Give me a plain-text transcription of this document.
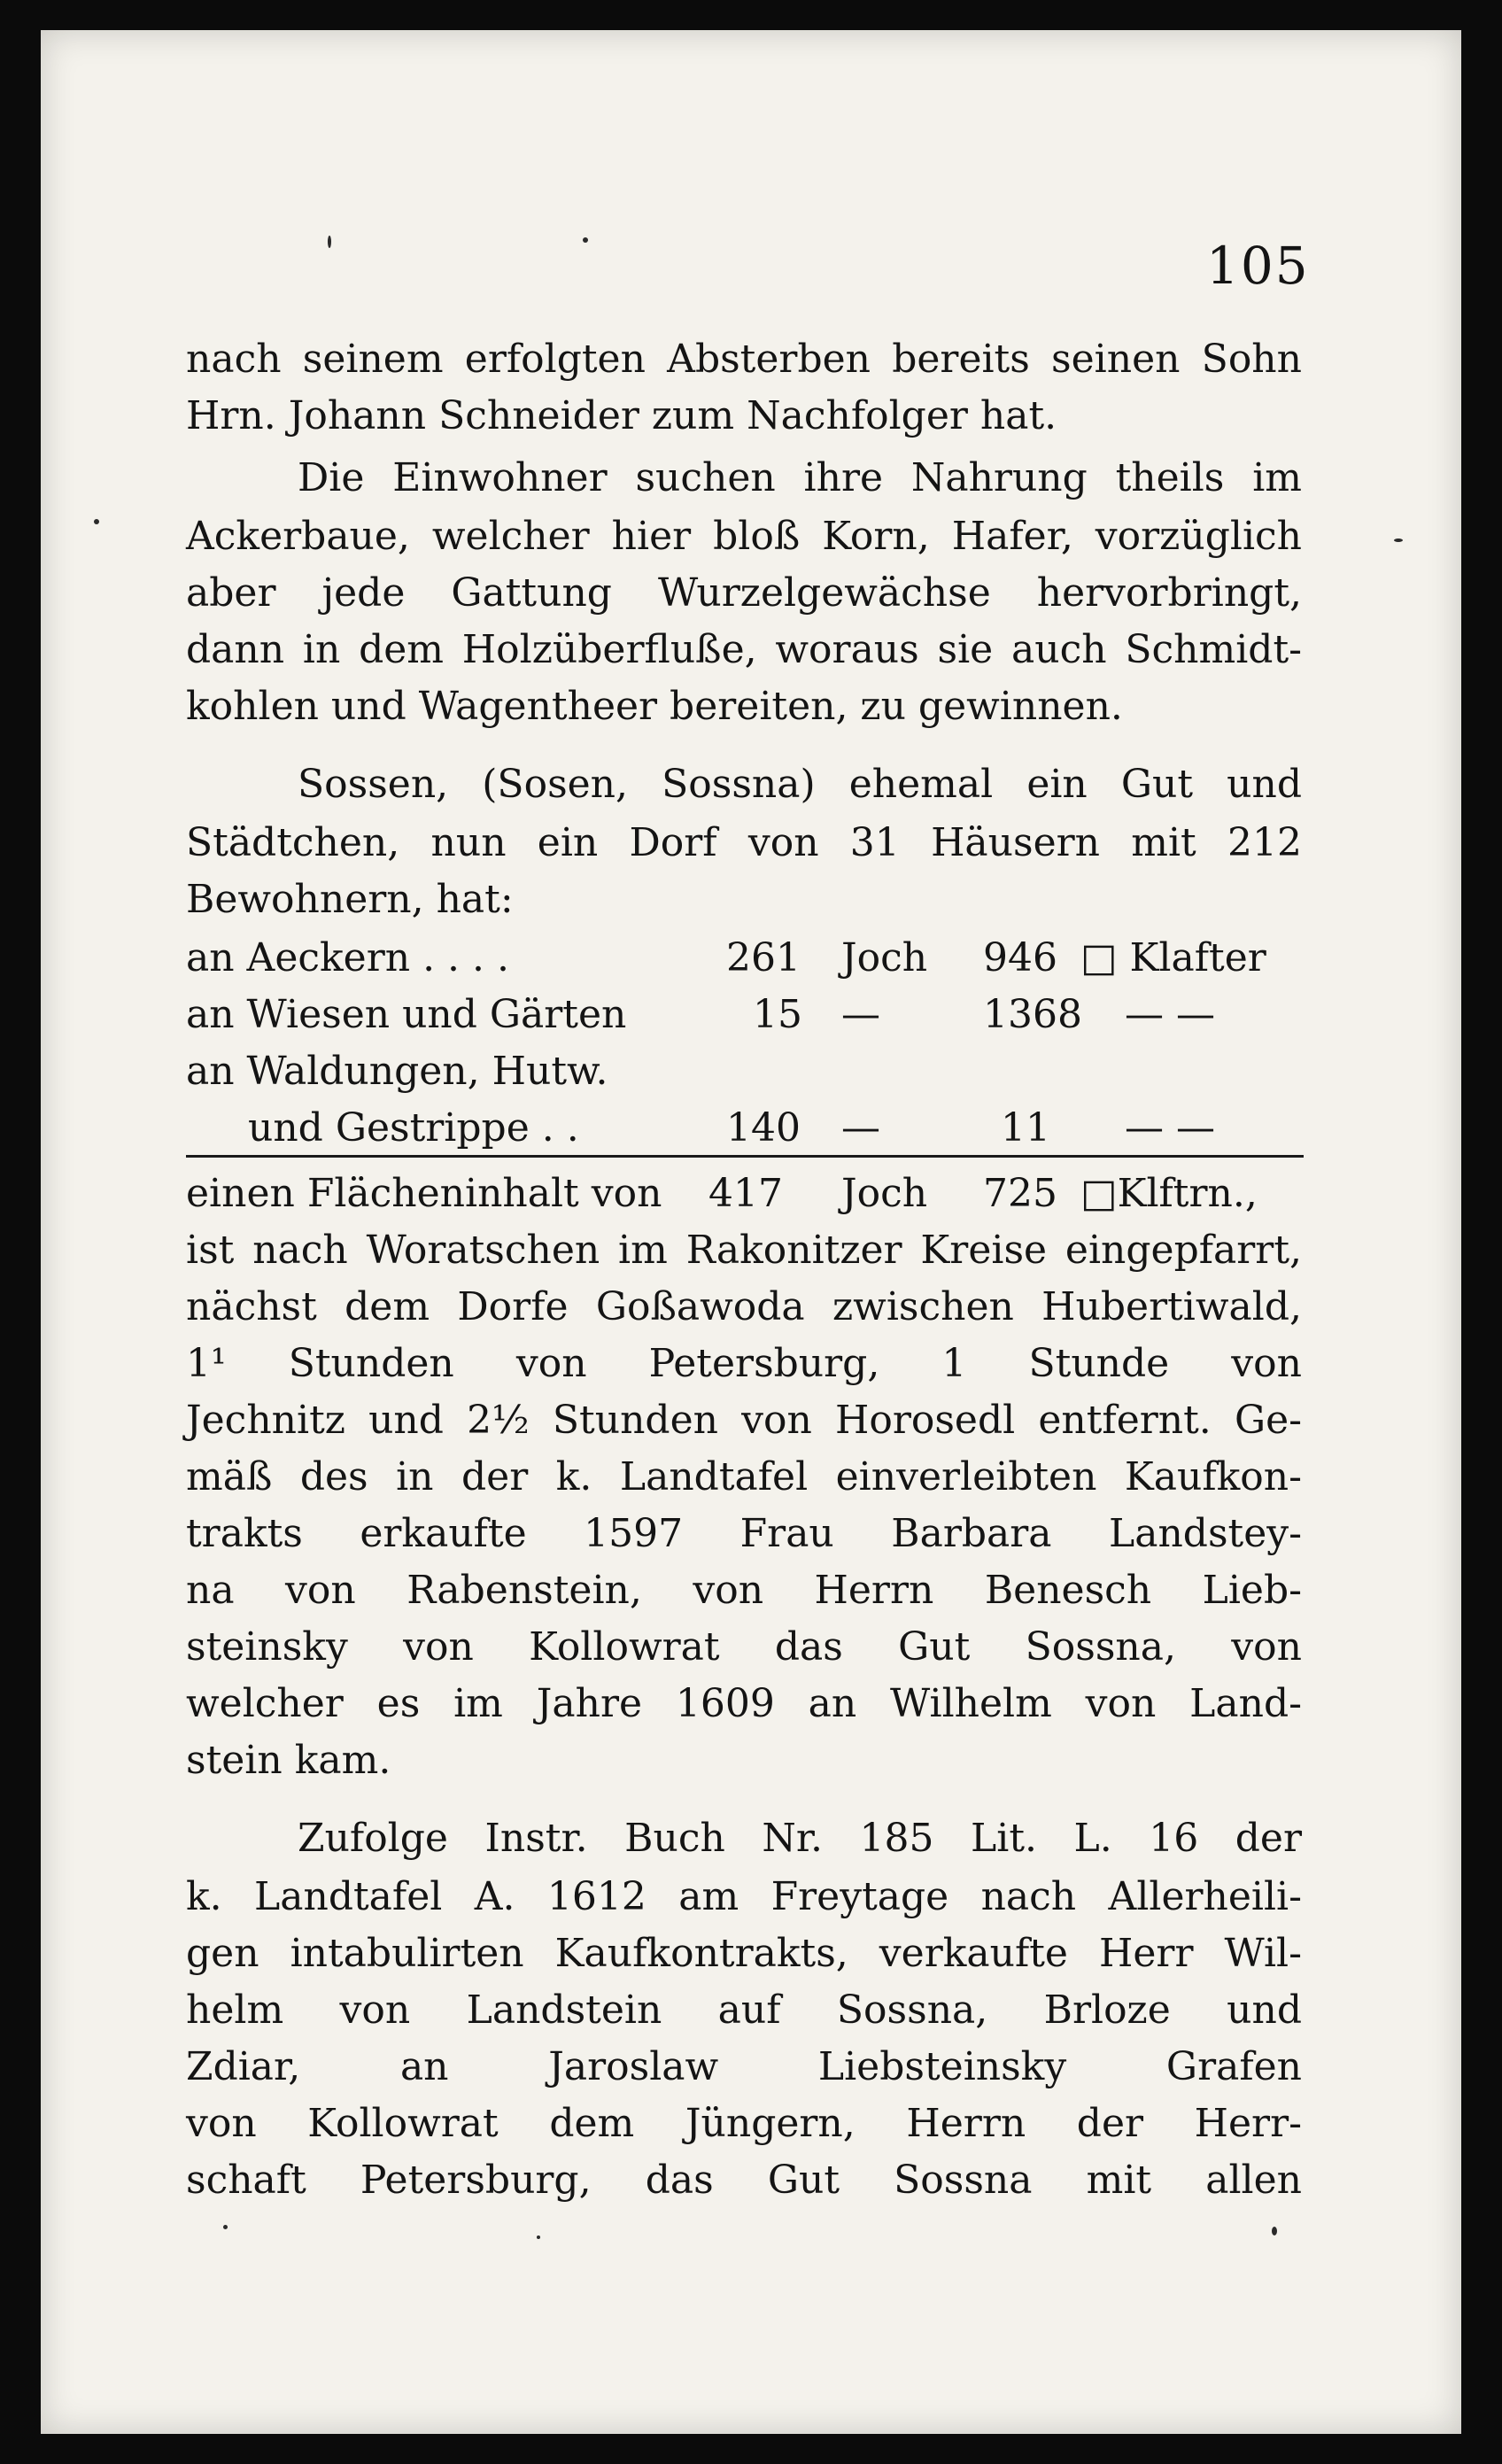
105
nach seinem erfolgten Absterben bereits seinen Sohn
Hrn. Johann Schneider zum Nachfolger hat.
Die Einwohner suchen ihre Nahrung theils im
Ackerbaue, welcher hier bloß Korn, Hafer, vorzüglich
aber jede Gattung Wurzelgewächse hervorbringt,
dann in dem Holzüberfluße, woraus sie auch Schmidt-
kohlen und Wagentheer bereiten, zu gewinnen.
Sossen, (Sosen, Sossna) ehemal ein Gut und
Städtchen, nun ein Dorf von 31 Häusern mit 212
Bewohnern, hat:
an Aeckern . . . .	261 Joch 946 □ Klafter
an Wiesen und Gärten	15 —	1368 — —
an Waldungen, Hutw.
und Gestrippe . .	140 —	11 — —
einen Flächeninhalt von 417 Joch 725 □Klftrn.,
ist nach Woratschen im Rakonitzer Kreise eingepfarrt,
nächst dem Dorfe Goßawoda zwischen Hubertiwald,
1¹ Stunden von Petersburg, 1 Stunde von
Jechnitz und 2½ Stunden von Horosedl entfernt. Ge-
mäß des in der k. Landtafel einverleibten Kaufkon-
trakts erkaufte 1597 Frau Barbara Landstey-
na von Rabenstein, von Herrn Benesch Lieb-
steinsky von Kollowrat das Gut Sossna, von
welcher es im Jahre 1609 an Wilhelm von Land-
stein kam.
Zufolge Instr. Buch Nr. 185 Lit. L. 16 der
k. Landtafel A. 1612 am Freytage nach Allerheili-
gen intabulirten Kaufkontrakts, verkaufte Herr Wil-
helm von Landstein auf Sossna, Brloze und
Zdiar, an Jaroslaw Liebsteinsky Grafen
von Kollowrat dem Jüngern, Herrn der Herr-
schaft Petersburg, das Gut Sossna mit allen
